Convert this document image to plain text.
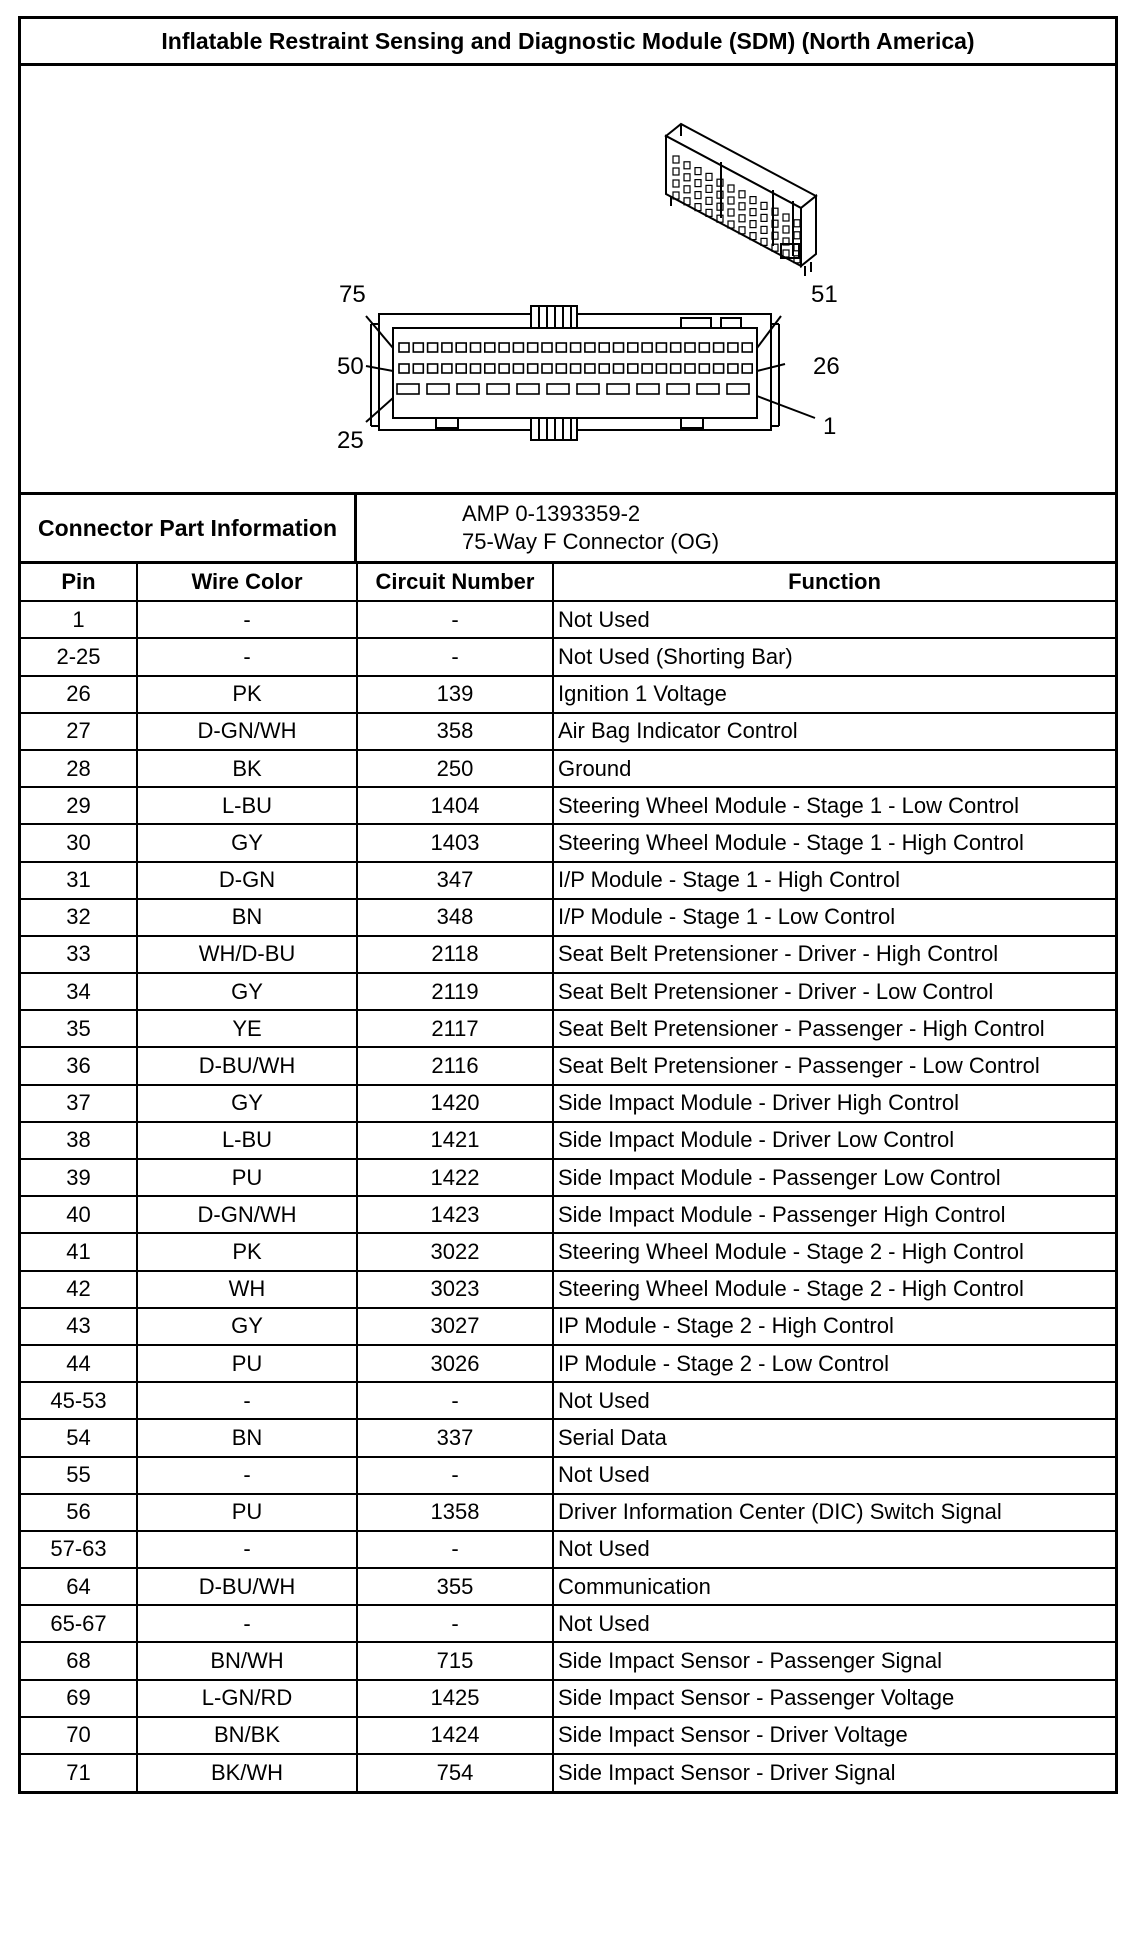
Inflatable Restraint Sensing and Diagnostic Module (SDM) (North America)
75	51
50	26
25
1
Connector Part Information
AMP 0-1393359-2
75-Way F Connector (OG)
Pin	Wire Color	Circuit Number	Function
1	-	-	Not Used
2-25	-	-	Not Used (Shorting Bar)
26	PK	139	Ignition 1 Voltage
27	D-GN/WH	358	Air Bag Indicator Control
28	BK	250	Ground
29	L-BU	1404	Steering Wheel Module - Stage 1 - Low Control
30	GY	1403	Steering Wheel Module - Stage 1 - High Control
31	D-GN	347	I/P Module - Stage 1 - High Control
32	BN	348	I/P Module - Stage 1 - Low Control
33	WH/D-BU	2118	Seat Belt Pretensioner - Driver - High Control
34	GY	2119	Seat Belt Pretensioner - Driver - Low Control
35	YE	2117	Seat Belt Pretensioner - Passenger - High Control
36	D-BU/WH	2116	Seat Belt Pretensioner - Passenger - Low Control
37	GY	1420	Side Impact Module - Driver High Control
38	L-BU	1421	Side Impact Module - Driver Low Control
39	PU	1422	Side Impact Module - Passenger Low Control
40	D-GN/WH	1423	Side Impact Module - Passenger High Control
41	PK	3022	Steering Wheel Module - Stage 2 - High Control
42	WH	3023	Steering Wheel Module - Stage 2 - High Control
43	GY	3027	IP Module - Stage 2 - High Control
44	PU	3026	IP Module - Stage 2 - Low Control
45-53	-	-	Not Used
54	BN	337	Serial Data
55	-	-	Not Used
56	PU	1358	Driver Information Center (DIC) Switch Signal
57-63	-	-	Not Used
64	D-BU/WH	355	Communication
65-67	-	-	Not Used
68	BN/WH	715	Side Impact Sensor - Passenger Signal
69	L-GN/RD	1425	Side Impact Sensor - Passenger Voltage
70	BN/BK	1424	Side Impact Sensor - Driver Voltage
71	BK/WH	754	Side Impact Sensor - Driver Signal
